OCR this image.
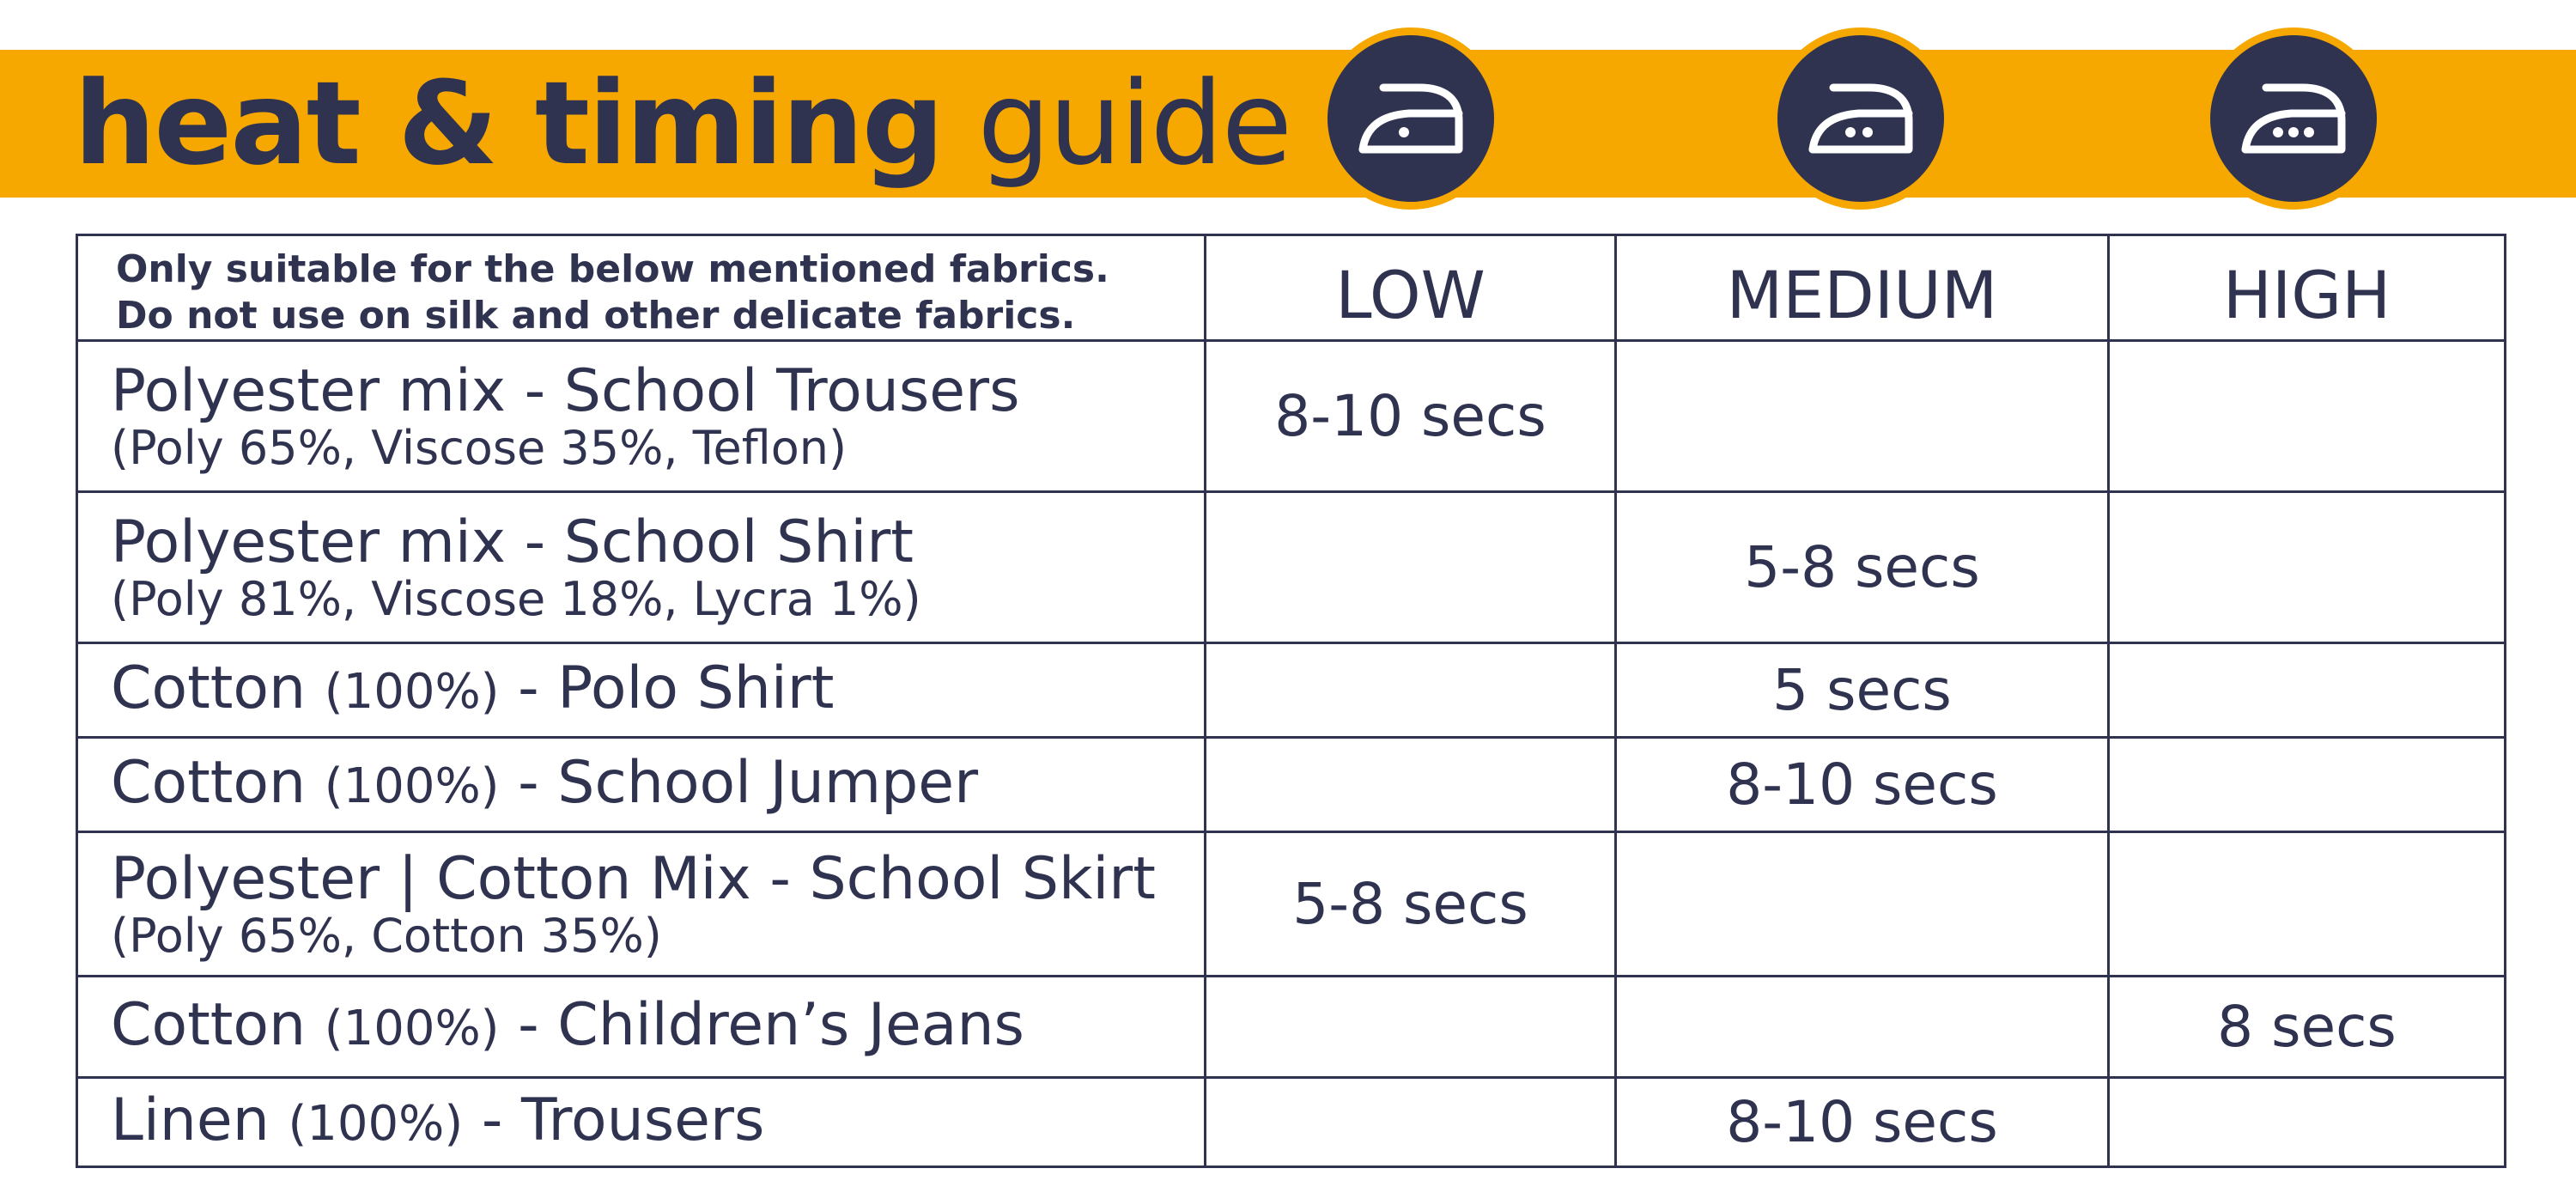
heat & timing guide
Only suitable for the below mentioned fabrics.
Do not use on silk and other delicate fabrics.	LOW	MEDIUM	HIGH

Polyester mix - School Trousers
(Poly 65%, Viscose 35%, Teflon)	8-10 secs		

Polyester mix - School Shirt
(Poly 81%, Viscose 18%, Lycra 1%)		5-8 secs	

Cotton (100%) - Polo Shirt		5 secs	

Cotton (100%) - School Jumper		8-10 secs	

Polyester | Cotton Mix - School Skirt
(Poly 65%, Cotton 35%)	5-8 secs		

Cotton (100%) - Children’s Jeans			8 secs

Linen (100%) - Trousers		8-10 secs	
